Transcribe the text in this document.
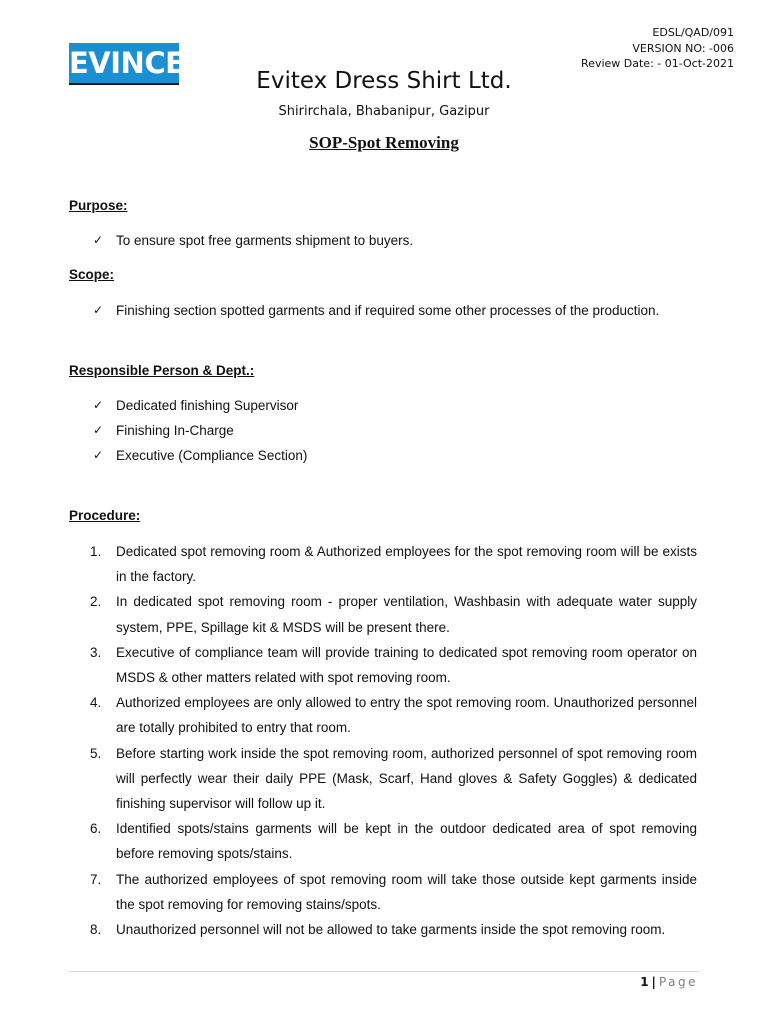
EVINCE
EDSL/QAD/091
VERSION NO: -006
Review Date: - 01-Oct-2021
Evitex Dress Shirt Ltd.
Shirirchala, Bhabanipur, Gazipur
SOP-Spot Removing
Purpose:
✓ To ensure spot free garments shipment to buyers.
Scope:
✓ Finishing section spotted garments and if required some other processes of the production.
Responsible Person & Dept.:
✓ Dedicated finishing Supervisor
✓ Finishing In-Charge
✓ Executive (Compliance Section)
Procedure:
1. Dedicated spot removing room & Authorized employees for the spot removing room will be exists in the factory.
2. In dedicated spot removing room - proper ventilation, Washbasin with adequate water supply system, PPE, Spillage kit & MSDS will be present there.
3. Executive of compliance team will provide training to dedicated spot removing room operator on MSDS & other matters related with spot removing room.
4. Authorized employees are only allowed to entry the spot removing room. Unauthorized personnel are totally prohibited to entry that room.
5. Before starting work inside the spot removing room, authorized personnel of spot removing room will perfectly wear their daily PPE (Mask, Scarf, Hand gloves & Safety Goggles) & dedicated finishing supervisor will follow up it.
6. Identified spots/stains garments will be kept in the outdoor dedicated area of spot removing before removing spots/stains.
7. The authorized employees of spot removing room will take those outside kept garments inside the spot removing for removing stains/spots.
8. Unauthorized personnel will not be allowed to take garments inside the spot removing room.
1 | Page
